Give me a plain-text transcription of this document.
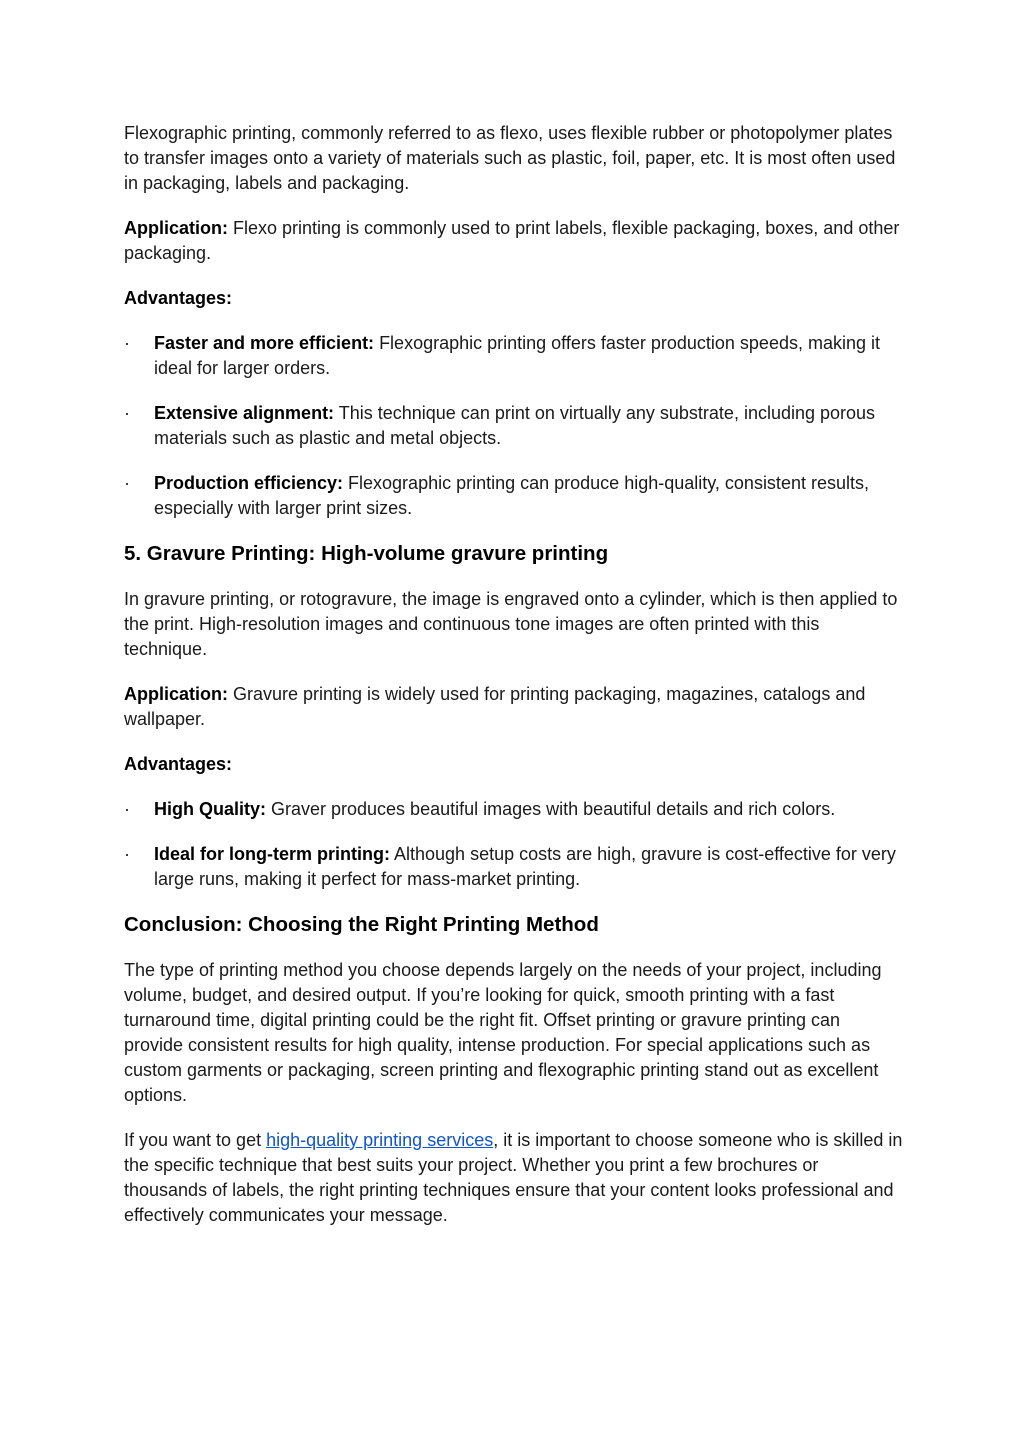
Flexographic printing, commonly referred to as flexo, uses flexible rubber or photopolymer plates to transfer images onto a variety of materials such as plastic, foil, paper, etc. It is most often used in packaging, labels and packaging.

Application: Flexo printing is commonly used to print labels, flexible packaging, boxes, and other packaging.

Advantages:

·	Faster and more efficient: Flexographic printing offers faster production speeds, making it ideal for larger orders.
·	Extensive alignment: This technique can print on virtually any substrate, including porous materials such as plastic and metal objects.
·	Production efficiency: Flexographic printing can produce high-quality, consistent results, especially with larger print sizes.
5. Gravure Printing: High-volume gravure printing

In gravure printing, or rotogravure, the image is engraved onto a cylinder, which is then applied to the print. High-resolution images and continuous tone images are often printed with this technique.

Application: Gravure printing is widely used for printing packaging, magazines, catalogs and wallpaper.

Advantages:

·	High Quality: Graver produces beautiful images with beautiful details and rich colors.
·	Ideal for long-term printing: Although setup costs are high, gravure is cost-effective for very large runs, making it perfect for mass-market printing.
Conclusion: Choosing the Right Printing Method

The type of printing method you choose depends largely on the needs of your project, including volume, budget, and desired output. If you’re looking for quick, smooth printing with a fast turnaround time, digital printing could be the right fit. Offset printing or gravure printing can provide consistent results for high quality, intense production. For special applications such as custom garments or packaging, screen printing and flexographic printing stand out as excellent options.

If you want to get high-quality printing services, it is important to choose someone who is skilled in the specific technique that best suits your project. Whether you print a few brochures or thousands of labels, the right printing techniques ensure that your content looks professional and effectively communicates your message.
